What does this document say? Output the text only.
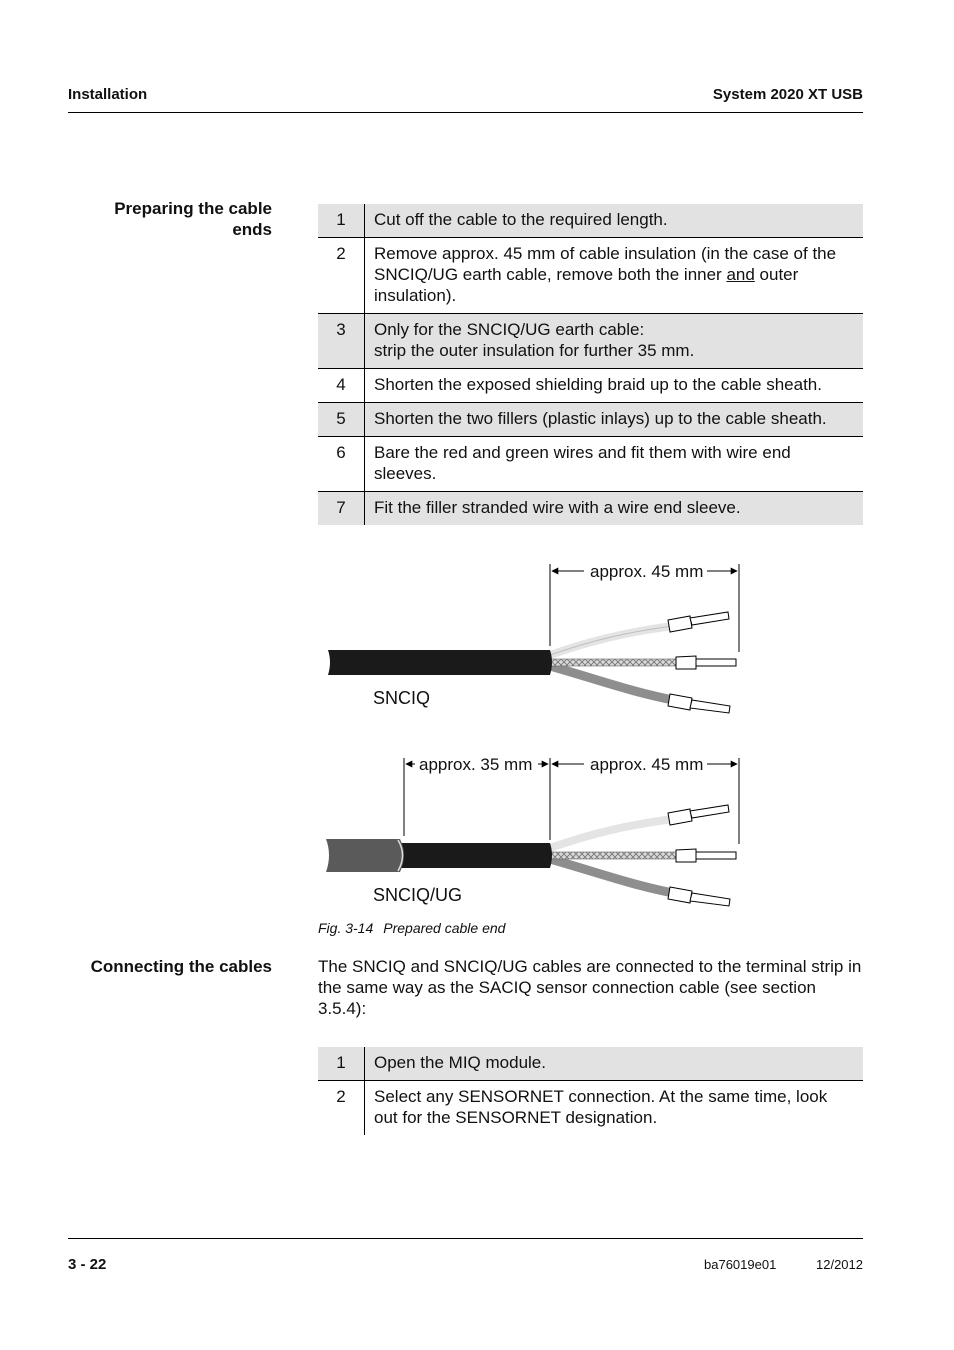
Installation	System 2020 XT USB
Preparing the cable
ends
1	Cut off the cable to the required length.
2	Remove approx. 45 mm of cable insulation (in the case of the SNCIQ/UG earth cable, remove both the inner and outer insulation).
3	Only for the SNCIQ/UG earth cable:
strip the outer insulation for further 35 mm.

4	Shorten the exposed shielding braid up to the cable sheath.
5	Shorten the two fillers (plastic inlays) up to the cable sheath.
6	Bare the red and green wires and fit them with wire end sleeves.
7	Fit the filler stranded wire with a wire end sleeve.
approx. 45 mm
SNCIQ
approx. 35 mm	approx. 45 mm
SNCIQ/UG
Fig. 3-14 Prepared cable end
Connecting the cables	The SNCIQ and SNCIQ/UG cables are connected to the terminal strip in the same way as the SACIQ sensor connection cable (see section 3.5.4):
1	Open the MIQ module.
2	Select any SENSORNET connection. At the same time, look out for the SENSORNET designation.
3 - 22	ba76019e01	12/2012
